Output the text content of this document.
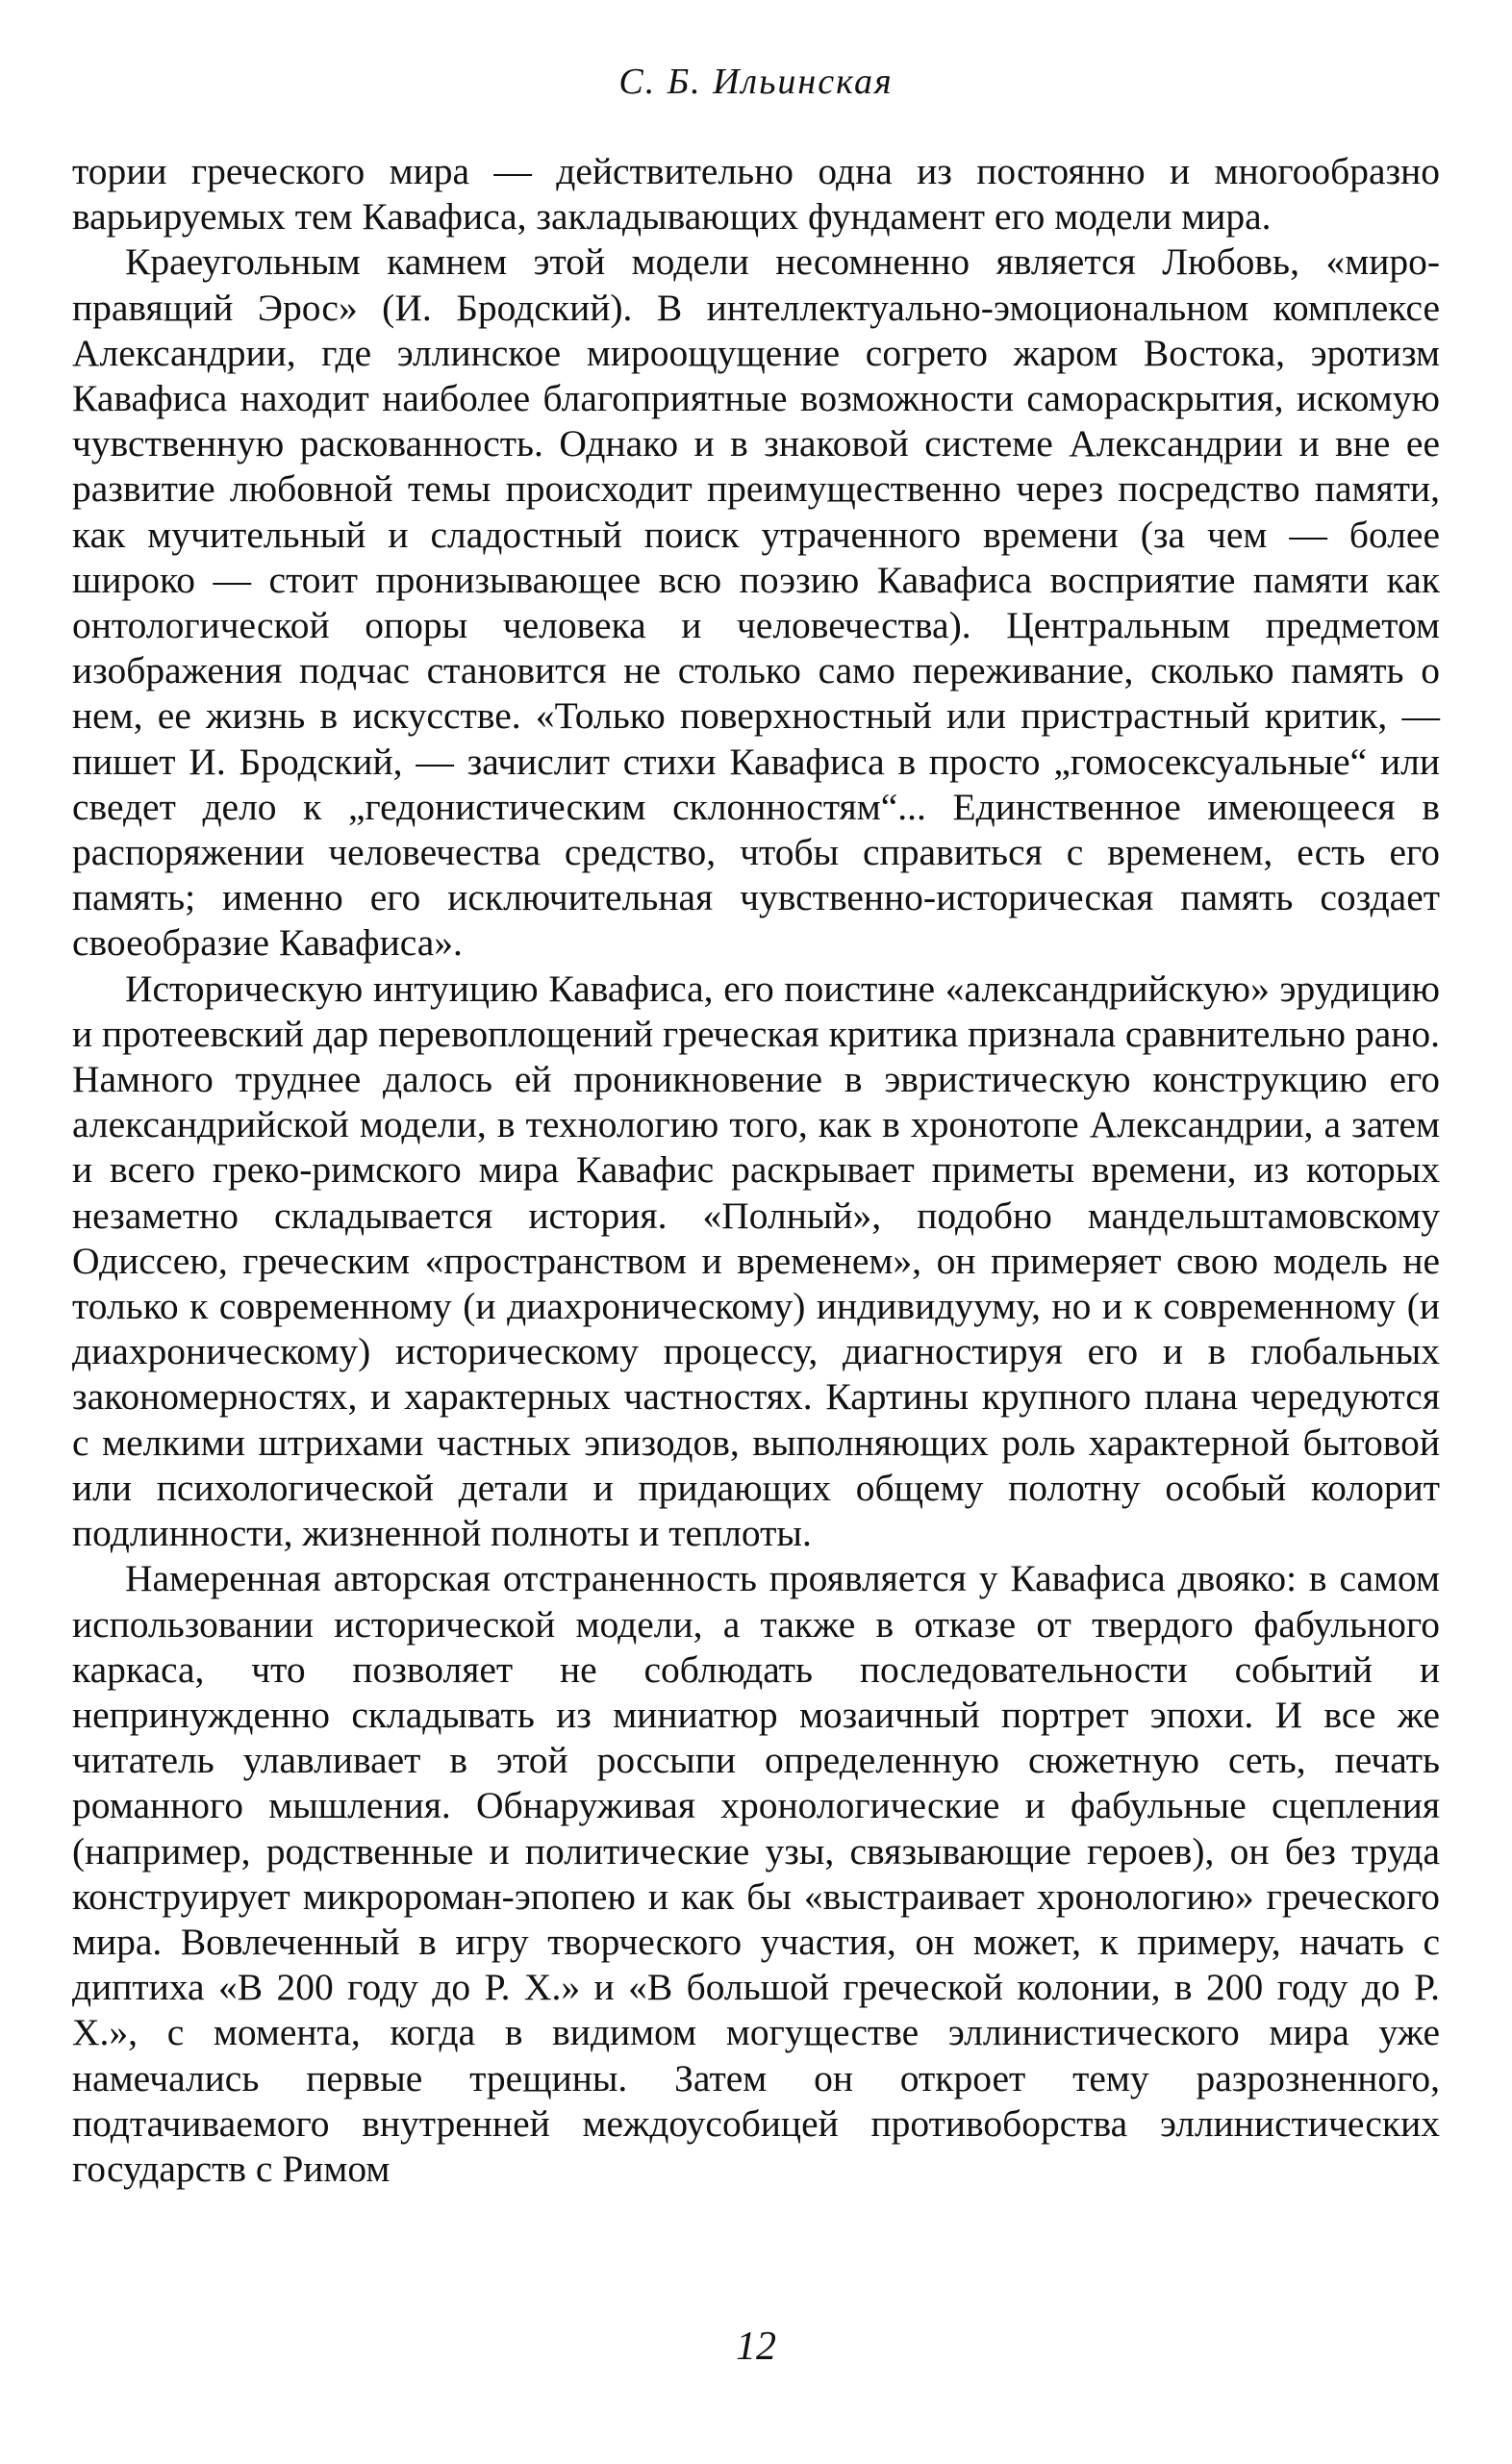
С. Б. Ильинская

тории греческого мира — действительно одна из постоянно и многообразно варьируемых тем Кавафиса, закладывающих фундамент его модели мира.

Краеугольным камнем этой модели несомненно является Любовь, «мироправящий Эрос» (И. Бродский). В интеллектуально-эмоциональном комплексе Александрии, где эллинское мироощущение согрето жаром Востока, эротизм Кавафиса находит наиболее благоприятные возможности самораскрытия, искомую чувственную раскованность. Однако и в знаковой системе Александрии и вне ее развитие любовной темы происходит преимущественно через посредство памяти, как мучительный и сладостный поиск утраченного времени (за чем — более широко — стоит пронизывающее всю поэзию Кавафиса восприятие памяти как онтологической опоры человека и человечества). Центральным предметом изображения подчас становится не столько само переживание, сколько память о нем, ее жизнь в искусстве. «Только поверхностный или пристрастный критик, — пишет И. Бродский, — зачислит стихи Кавафиса в просто „гомосексуальные“ или сведет дело к „гедонистическим склонностям“... Единственное имеющееся в распоряжении человечества средство, чтобы справиться с временем, есть его память; именно его исключительная чувственно-историческая память создает своеобразие Кавафиса».

Историческую интуицию Кавафиса, его поистине «александрийскую» эрудицию и протеевский дар перевоплощений греческая критика признала сравнительно рано. Намного труднее далось ей проникновение в эвристическую конструкцию его александрийской модели, в технологию того, как в хронотопе Александрии, а затем и всего греко-римского мира Кавафис раскрывает приметы времени, из которых незаметно складывается история. «Полный», подобно мандельштамовскому Одиссею, греческим «пространством и временем», он примеряет свою модель не только к современному (и диахроническому) индивидууму, но и к современному (и диахроническому) историческому процессу, диагностируя его и в глобальных закономерностях, и характерных частностях. Картины крупного плана чередуются с мелкими штрихами частных эпизодов, выполняющих роль характерной бытовой или психологической детали и придающих общему полотну особый колорит подлинности, жизненной полноты и теплоты.

Намеренная авторская отстраненность проявляется у Кавафиса двояко: в самом использовании исторической модели, а также в отказе от твердого фабульного каркаса, что позволяет не соблюдать последовательности событий и непринужденно складывать из миниатюр мозаичный портрет эпохи. И все же читатель улавливает в этой россыпи определенную сюжетную сеть, печать романного мышления. Обнаруживая хронологические и фабульные сцепления (например, родственные и политические узы, связывающие героев), он без труда конструирует микророман-эпопею и как бы «выстраивает хронологию» греческого мира. Вовлеченный в игру творческого участия, он может, к примеру, начать с диптиха «В 200 году до Р. Х.» и «В большой греческой колонии, в 200 году до Р. Х.», с момента, когда в видимом могуществе эллинистического мира уже намечались первые трещины. Затем он откроет тему разрозненного, подтачиваемого внутренней междоусобицей противоборства эллинистических государств с Римом

12
